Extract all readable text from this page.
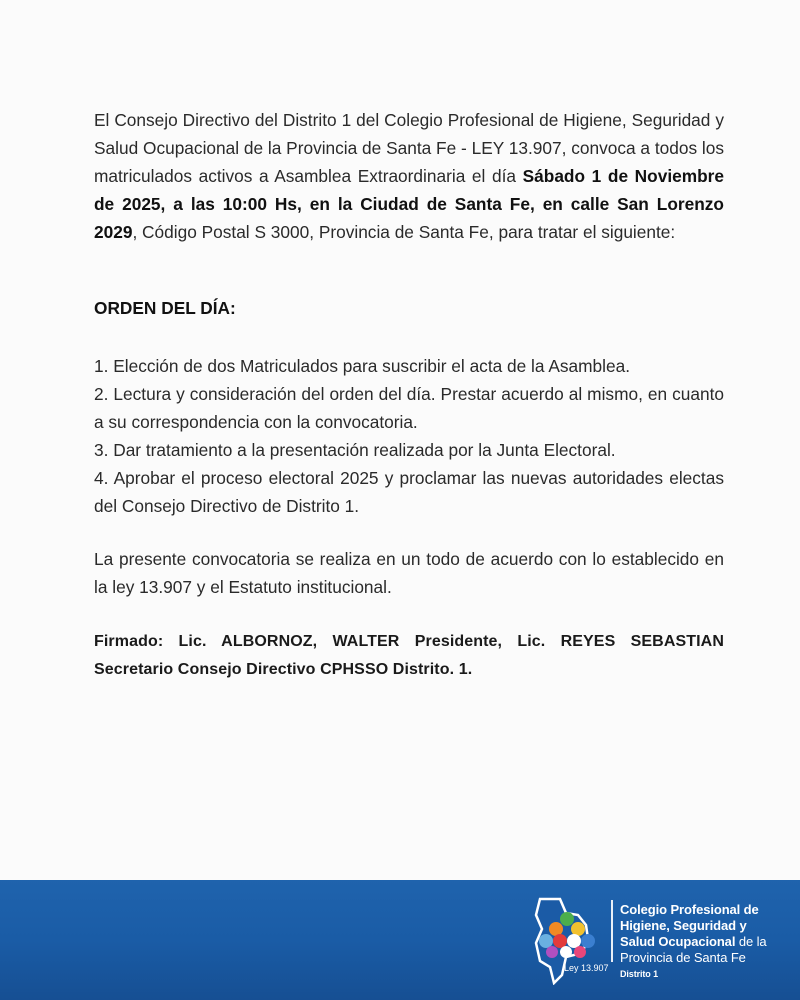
El Consejo Directivo del Distrito 1 del Colegio Profesional de Higiene, Seguridad y Salud Ocupacional de la Provincia de Santa Fe - LEY 13.907, convoca a todos los matriculados activos a Asamblea Extraordinaria el día Sábado 1 de Noviembre de 2025, a las 10:00 Hs, en la Ciudad de Santa Fe, en calle San Lorenzo 2029, Código Postal S 3000, Provincia de Santa Fe, para tratar el siguiente:

ORDEN DEL DÍA:
1. Elección de dos Matriculados para suscribir el acta de la Asamblea.
2. Lectura y consideración del orden del día. Prestar acuerdo al mismo, en cuanto a su correspondencia con la convocatoria.
3. Dar tratamiento a la presentación realizada por la Junta Electoral.
4. Aprobar el proceso electoral 2025 y proclamar las nuevas autoridades electas del Consejo Directivo de Distrito 1.
La presente convocatoria se realiza en un todo de acuerdo con lo establecido en la ley 13.907 y el Estatuto institucional.
Firmado: Lic. ALBORNOZ, WALTER Presidente, Lic. REYES SEBASTIAN Secretario Consejo Directivo CPHSSO Distrito. 1.
Ley 13.907
Colegio Profesional de
Higiene, Seguridad y
Salud Ocupacional de la
Provincia de Santa Fe
Distrito 1
